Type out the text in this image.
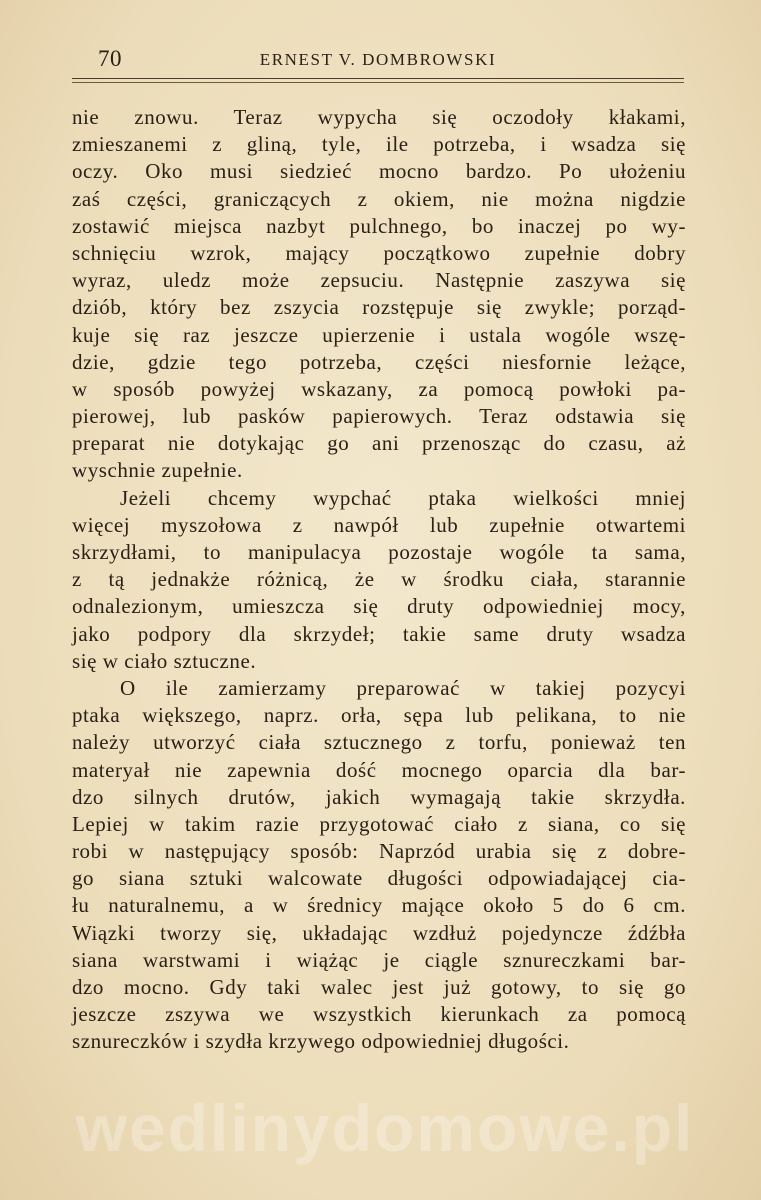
70	ERNEST V. DOMBROWSKI
nie znowu. Teraz wypycha się oczodoły kłakami,
zmieszanemi z gliną, tyle, ile potrzeba, i wsadza się
oczy. Oko musi siedzieć mocno bardzo. Po ułożeniu
zaś części, graniczących z okiem, nie można nigdzie
zostawić miejsca nazbyt pulchnego, bo inaczej po wy-
schnięciu wzrok, mający początkowo zupełnie dobry
wyraz, uledz może zepsuciu. Następnie zaszywa się
dziób, który bez zszycia rozstępuje się zwykle; porząd-
kuje się raz jeszcze upierzenie i ustala wogóle wszę-
dzie, gdzie tego potrzeba, części niesfornie leżące,
w sposób powyżej wskazany, za pomocą powłoki pa-
pierowej, lub pasków papierowych. Teraz odstawia się
preparat nie dotykając go ani przenosząc do czasu, aż
wyschnie zupełnie.
Jeżeli chcemy wypchać ptaka wielkości mniej
więcej myszołowa z nawpół lub zupełnie otwartemi
skrzydłami, to manipulacya pozostaje wogóle ta sama,
z tą jednakże różnicą, że w środku ciała, starannie
odnalezionym, umieszcza się druty odpowiedniej mocy,
jako podpory dla skrzydeł; takie same druty wsadza
się w ciało sztuczne.
O ile zamierzamy preparować w takiej pozycyi
ptaka większego, naprz. orła, sępa lub pelikana, to nie
należy utworzyć ciała sztucznego z torfu, ponieważ ten
materyał nie zapewnia dość mocnego oparcia dla bar-
dzo silnych drutów, jakich wymagają takie skrzydła.
Lepiej w takim razie przygotować ciało z siana, co się
robi w następujący sposób: Naprzód urabia się z dobre-
go siana sztuki walcowate długości odpowiadającej cia-
łu naturalnemu, a w średnicy mające około 5 do 6 cm.
Wiązki tworzy się, układając wzdłuż pojedyncze źdźbła
siana warstwami i wiążąc je ciągle sznureczkami bar-
dzo mocno. Gdy taki walec jest już gotowy, to się go
jeszcze zszywa we wszystkich kierunkach za pomocą
sznureczków i szydła krzywego odpowiedniej długości.
wedlinydomowe.pl
